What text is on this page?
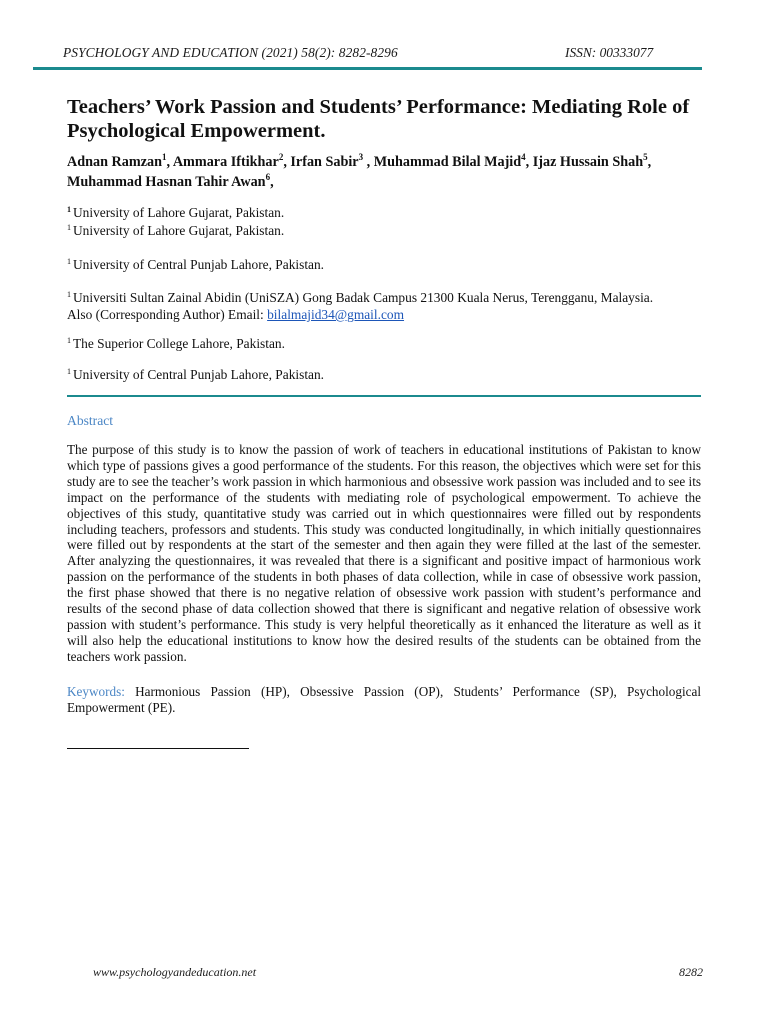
PSYCHOLOGY AND EDUCATION (2021) 58(2): 8282-8296	ISSN: 00333077
Teachers’ Work Passion and Students’ Performance: Mediating Role of Psychological Empowerment.
Adnan Ramzan$^1$, Ammara Iftikhar$^2$, Irfan Sabir$^3$ , Muhammad Bilal Majid$^4$, Ijaz Hussain Shah$^5$,
Muhammad Hasnan Tahir Awan$^6$,
$^1$ University of Lahore Gujarat, Pakistan.
$^1$ University of Lahore Gujarat, Pakistan.
$^1$ University of Central Punjab Lahore, Pakistan.
$^1$ Universiti Sultan Zainal Abidin (UniSZA) Gong Badak Campus 21300 Kuala Nerus, Terengganu, Malaysia.
Also (Corresponding Author) Email: bilalmajid34@gmail.com
$^1$ The Superior College Lahore, Pakistan.
$^1$ University of Central Punjab Lahore, Pakistan.
Abstract
The purpose of this study is to know the passion of work of teachers in educational institutions of Pakistan to know which type of passions gives a good performance of the students. For this reason, the objectives which were set for this study are to see the teacher’s work passion in which harmonious and obsessive work passion was included and to see its impact on the performance of the students with mediating role of psychological empowerment. To achieve the objectives of this study, quantitative study was carried out in which questionnaires were filled out by respondents including teachers, professors and students. This study was conducted longitudinally, in which initially questionnaires were filled out by respondents at the start of the semester and then again they were filled at the last of the semester. After analyzing the questionnaires, it was revealed that there is a significant and positive impact of harmonious work passion on the performance of the students in both phases of data collection, while in case of obsessive work passion, the first phase showed that there is no negative relation of obsessive work passion with student’s performance and results of the second phase of data collection showed that there is significant and negative relation of obsessive work passion with student’s performance. This study is very helpful theoretically as it enhanced the literature as well as it will also help the educational institutions to know how the desired results of the students can be obtained from the teachers work passion.
Keywords: Harmonious Passion (HP), Obsessive Passion (OP), Students’ Performance (SP), Psychological Empowerment (PE).
www.psychologyandeducation.net	8282
